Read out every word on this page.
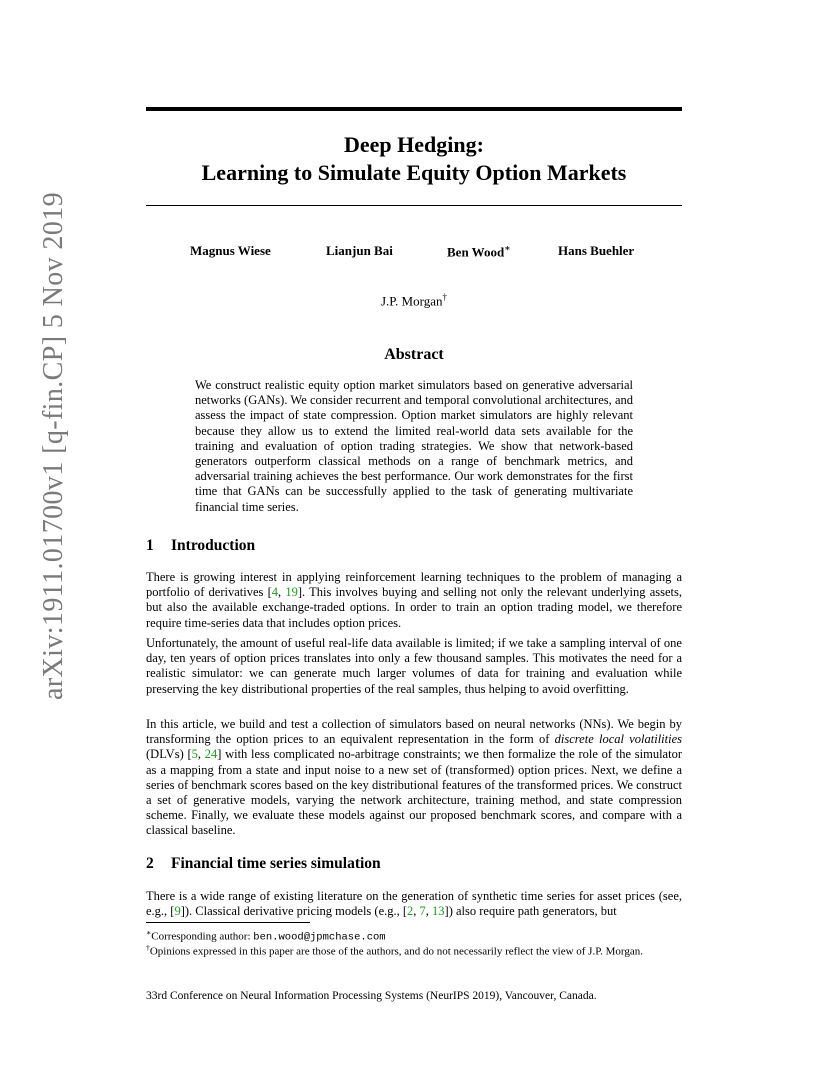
arXiv:1911.01700v1 [q-fin.CP] 5 Nov 2019
Deep Hedging:
Learning to Simulate Equity Option Markets
Magnus Wiese	Lianjun Bai	Ben Wood∗	Hans Buehler
J.P. Morgan†
Abstract
We construct realistic equity option market simulators based on generative adversarial networks (GANs). We consider recurrent and temporal convolutional architectures, and assess the impact of state compression. Option market simulators are highly relevant because they allow us to extend the limited real-world data sets available for the training and evaluation of option trading strategies. We show that network-based generators outperform classical methods on a range of benchmark metrics, and adversarial training achieves the best performance. Our work demonstrates for the first time that GANs can be successfully applied to the task of generating multivariate financial time series.
1 Introduction
There is growing interest in applying reinforcement learning techniques to the problem of managing a portfolio of derivatives [4, 19]. This involves buying and selling not only the relevant underlying assets, but also the available exchange-traded options. In order to train an option trading model, we therefore require time-series data that includes option prices.
Unfortunately, the amount of useful real-life data available is limited; if we take a sampling interval of one day, ten years of option prices translates into only a few thousand samples. This motivates the need for a realistic simulator: we can generate much larger volumes of data for training and evaluation while preserving the key distributional properties of the real samples, thus helping to avoid overfitting.
In this article, we build and test a collection of simulators based on neural networks (NNs). We begin by transforming the option prices to an equivalent representation in the form of discrete local volatilities (DLVs) [5, 24] with less complicated no-arbitrage constraints; we then formalize the role of the simulator as a mapping from a state and input noise to a new set of (transformed) option prices. Next, we define a series of benchmark scores based on the key distributional features of the transformed prices. We construct a set of generative models, varying the network architecture, training method, and state compression scheme. Finally, we evaluate these models against our proposed benchmark scores, and compare with a classical baseline.
2 Financial time series simulation
There is a wide range of existing literature on the generation of synthetic time series for asset prices (see, e.g., [9]). Classical derivative pricing models (e.g., [2, 7, 13]) also require path generators, but
∗Corresponding author: ben.wood@jpmchase.com
†Opinions expressed in this paper are those of the authors, and do not necessarily reflect the view of J.P. Morgan.
33rd Conference on Neural Information Processing Systems (NeurIPS 2019), Vancouver, Canada.
